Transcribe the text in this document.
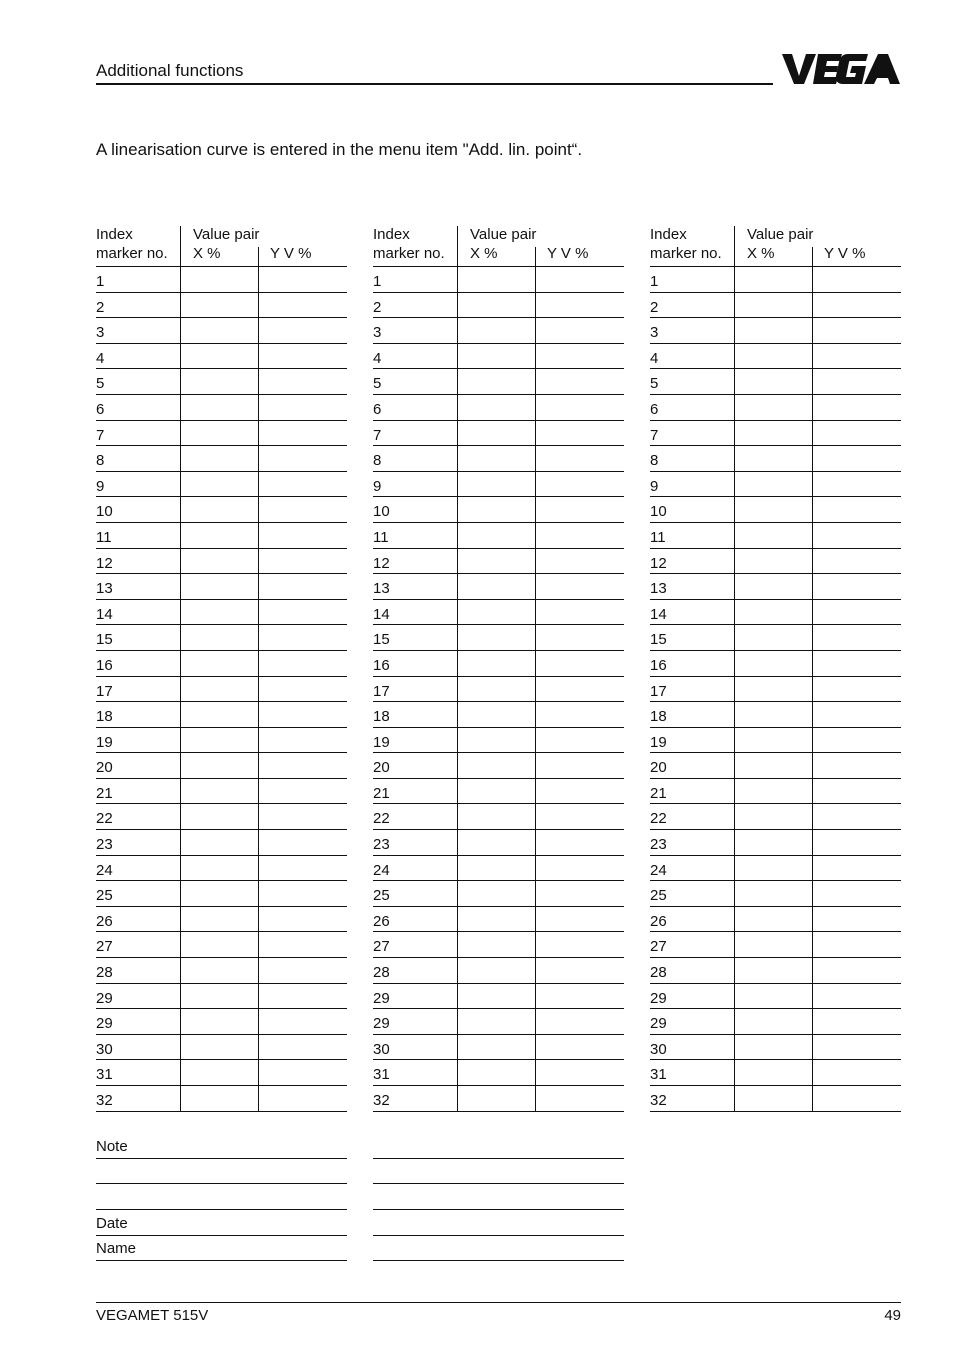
Additional functions
A linearisation curve is entered in the menu item "Add. lin. point“.
Index
marker no.
Value pair
X %	Y V %
1
2
3
4
5
6
7
8
9
10
11
12
13
14
15
16
17
18
19
20
21
22
23
24
25
26
27
28
29
29
30
31
32
Index
marker no.
Value pair
X %	Y V %
1
2
3
4
5
6
7
8
9
10
11
12
13
14
15
16
17
18
19
20
21
22
23
24
25
26
27
28
29
29
30
31
32
Index
marker no.
Value pair
X %	Y V %
1
2
3
4
5
6
7
8
9
10
11
12
13
14
15
16
17
18
19
20
21
22
23
24
25
26
27
28
29
29
30
31
32
Note
Date
Name
VEGAMET 515V	49
